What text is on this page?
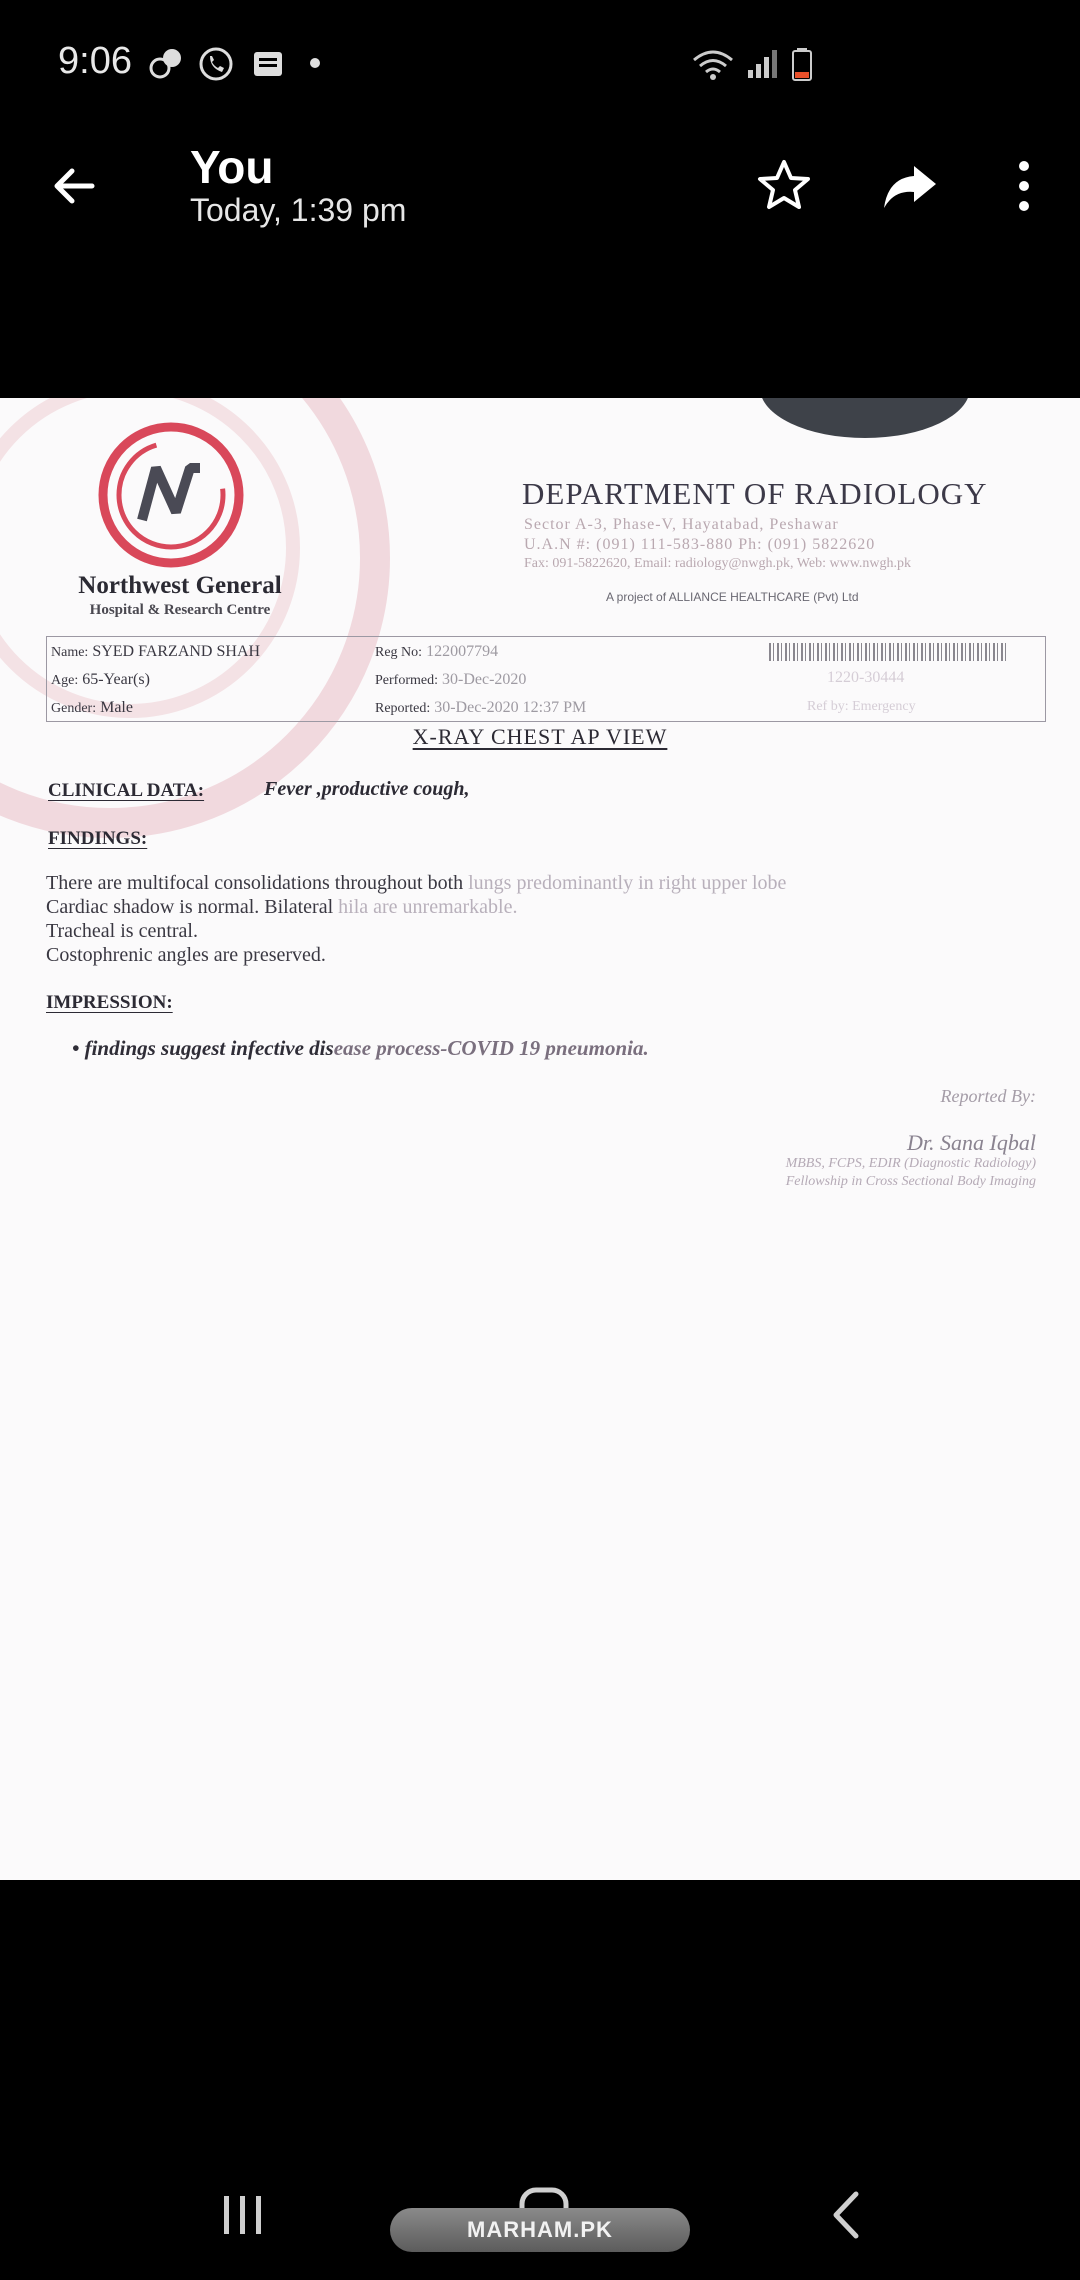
9:06
You
Today, 1:39 pm
Northwest General
Hospital & Research Centre
DEPARTMENT OF RADIOLOGY
Sector A-3, Phase-V, Hayatabad, Peshawar
U.A.N #: (091) 111-583-880 Ph: (091) 5822620
Fax: 091-5822620, Email: radiology@nwgh.pk, Web: www.nwgh.pk
A project of ALLIANCE HEALTHCARE (Pvt) Ltd
Name: SYED FARZAND SHAH
Age: 65-Year(s)
Gender: Male
Reg No: 122007794
Performed: 30-Dec-2020
Reported: 30-Dec-2020 12:37 PM
1220-30444
Ref by: Emergency
X-RAY CHEST AP VIEW
CLINICAL DATA:	Fever ,productive cough,
FINDINGS:
There are multifocal consolidations throughout both lungs predominantly in right upper lobe
Cardiac shadow is normal. Bilateral hila are unremarkable.
Tracheal is central.
Costophrenic angles are preserved.
IMPRESSION:
• findings suggest infective disease process-COVID 19 pneumonia.
Reported By:
Dr. Sana Iqbal
MBBS, FCPS, EDIR (Diagnostic Radiology)
Fellowship in Cross Sectional Body Imaging
MARHAM.PK
